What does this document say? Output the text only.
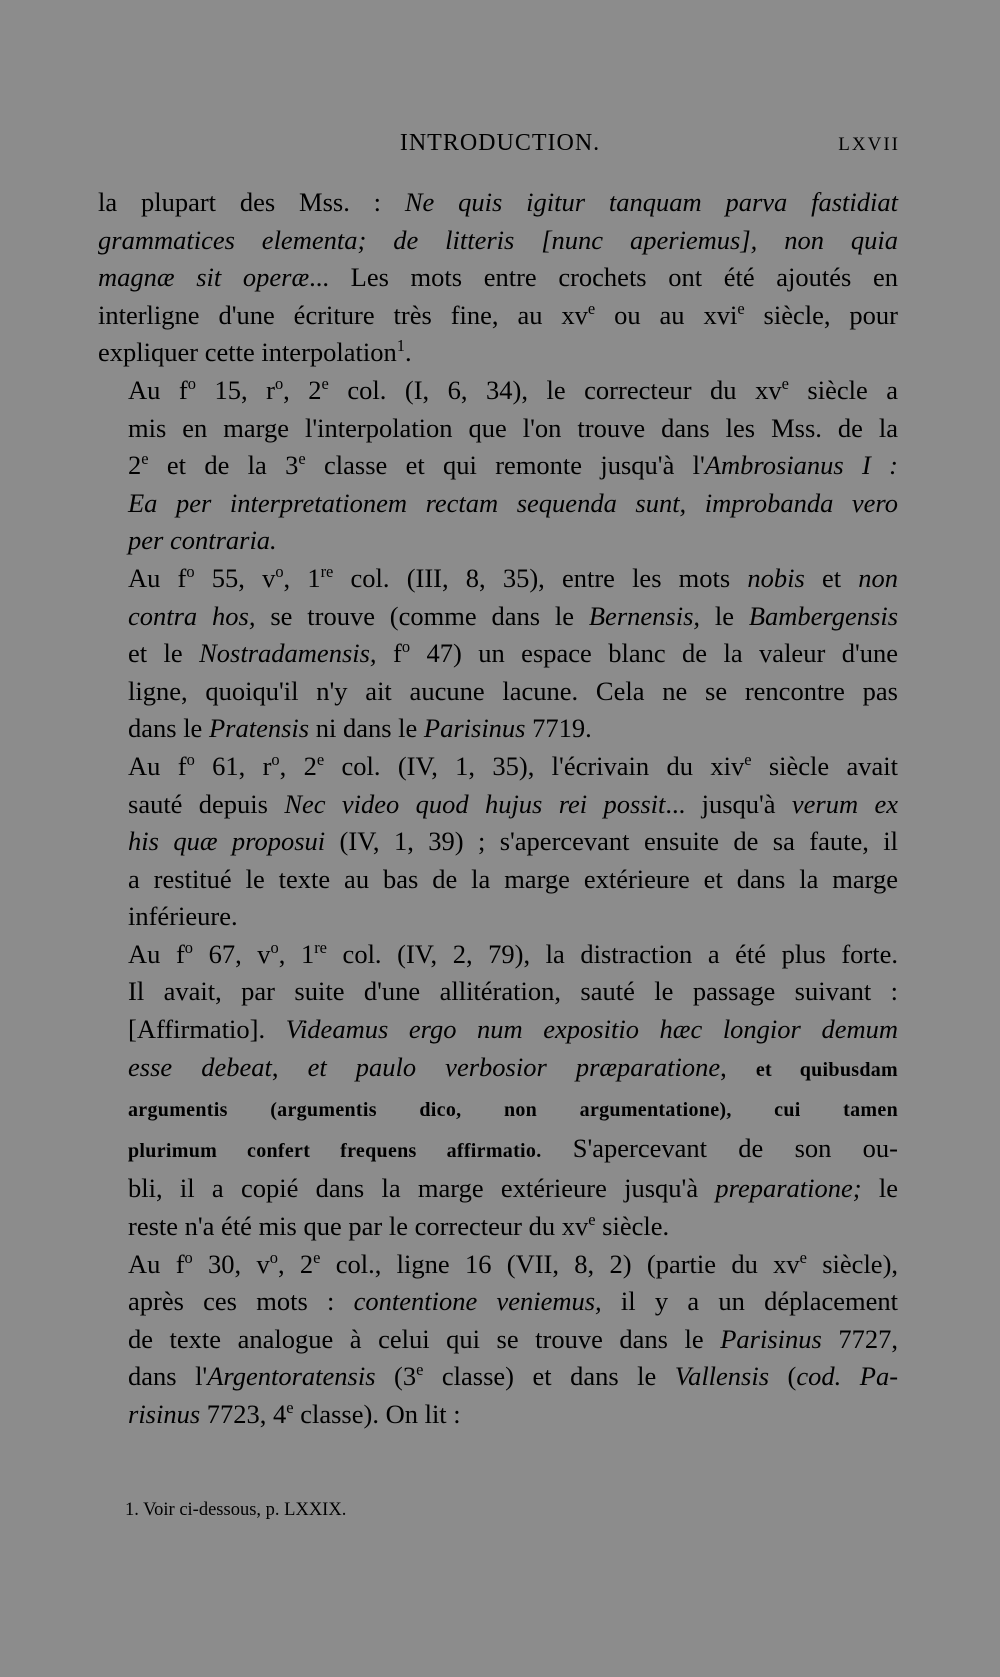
INTRODUCTION.	LXVII

la plupart des Mss. : Ne quis igitur tanquam parva fastidiat
grammatices elementa; de litteris [nunc aperiemus], non quia
magnæ sit operæ... Les mots entre crochets ont été ajoutés en
interligne d'une écriture très fine, au $xv^e$ ou au xvi$^e$ siècle, pour
expliquer cette interpolation$^1$.

Au $f^o$ 15, $r^o$, 2e col. (I, 6, 34), le correcteur du $xv^e$ siècle a
mis en marge l'interpolation que l'on trouve dans les Mss. de la
2e et de la 3e classe et qui remonte jusqu'à l'Ambrosianus I :
Ea per interpretationem rectam sequenda sunt, improbanda vero
per contraria.

Au $f^o$ 55, $v^o$, 1re col. (III, 8, 35), entre les mots nobis et non
contra hos, se trouve (comme dans le Bernensis, le Bambergensis
et le Nostradamensis, $f^o$ 47) un espace blanc de la valeur d'une
ligne, quoiqu'il n'y ait aucune lacune. Cela ne se rencontre pas
dans le Pratensis ni dans le Parisinus 7719.

Au $f^o$ 61, $r^o$, 2e col. (IV, 1, 35), l'écrivain du xiv$^e$ siècle avait
sauté depuis Nec video quod hujus rei possit... jusqu'à verum ex
his quæ proposui (IV, 1, 39) ; s'apercevant ensuite de sa faute, il
a restitué le texte au bas de la marge extérieure et dans la marge
inférieure.

Au $f^o$ 67, $v^o$, 1re col. (IV, 2, 79), la distraction a été plus forte.
Il avait, par suite d'une allitération, sauté le passage suivant :
[Affirmatio]. Videamus ergo num expositio hæc longior demum
esse debeat, et paulo verbosior præparatione, et quibusdam
argumentis (argumentis dico, non argumentatione), cui tamen
plurimum confert frequens affirmatio. S'apercevant de son ou-
bli, il a copié dans la marge extérieure jusqu'à preparatione; le
reste n'a été mis que par le correcteur du $xv^e$ siècle.

Au $f^o$ 30, $v^o$, 2e col., ligne 16 (VII, 8, 2) (partie du $xv^e$ siècle),
après ces mots : contentione veniemus, il y a un déplacement
de texte analogue à celui qui se trouve dans le Parisinus 7727,
dans l'Argentoratensis (3e classe) et dans le Vallensis (cod. Pa-
risinus 7723, 4e classe). On lit :

1. Voir ci-dessous, p. LXXIX.
